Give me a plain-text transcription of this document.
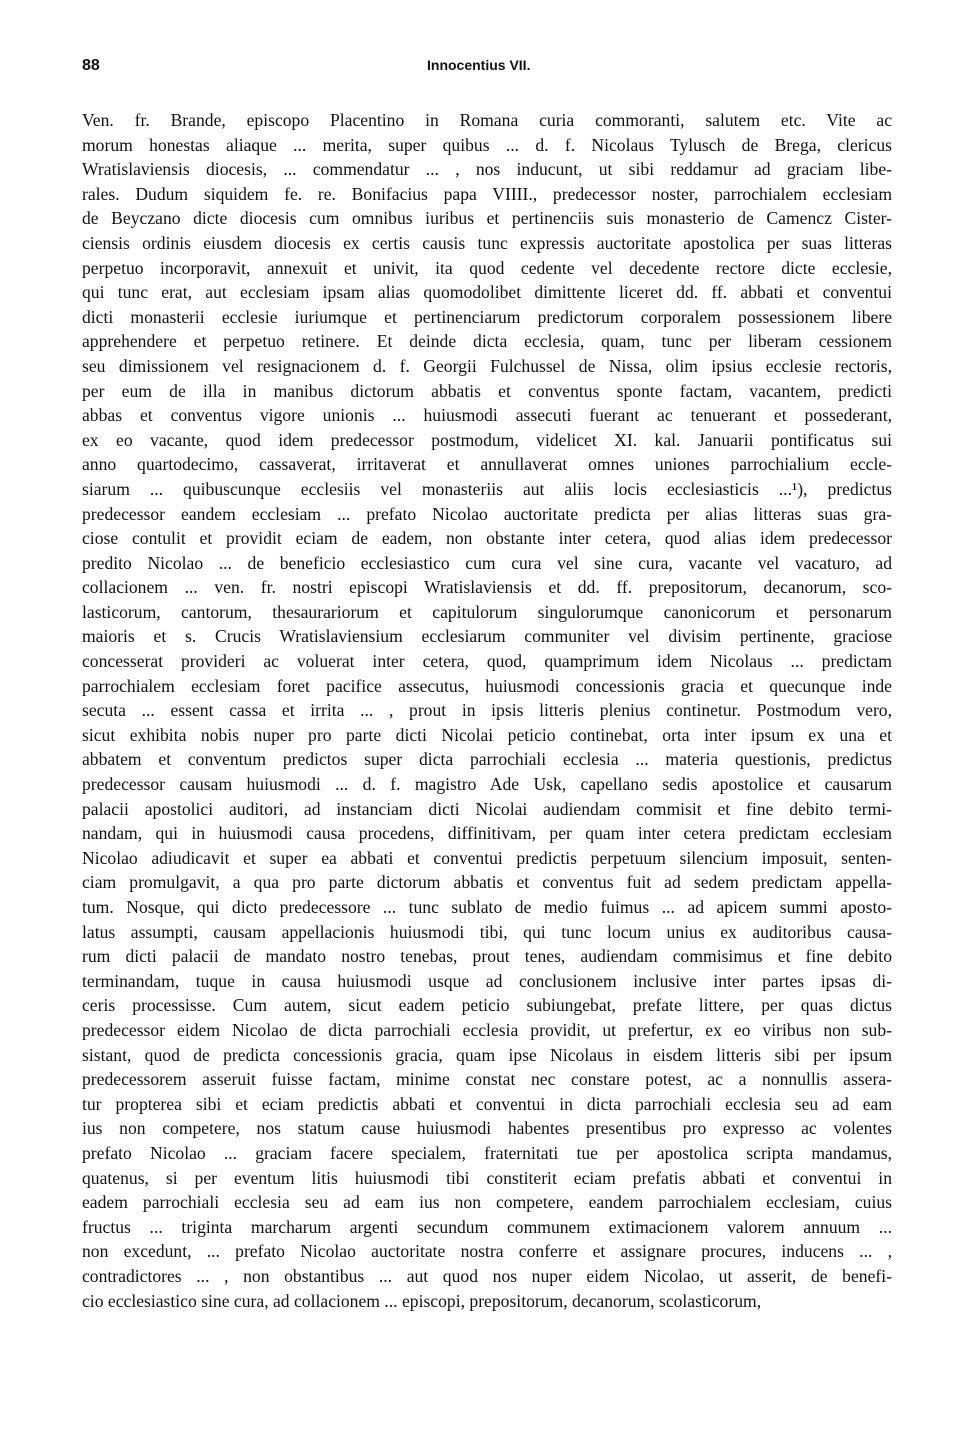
88	Innocentius VII.
Ven. fr. Brande, episcopo Placentino in Romana curia commoranti, salutem etc. Vite ac
morum honestas aliaque ... merita, super quibus ... d. f. Nicolaus Tylusch de Brega, clericus
Wratislaviensis diocesis, ... commendatur ... , nos inducunt, ut sibi reddamur ad graciam libe-
rales. Dudum siquidem fe. re. Bonifacius papa VIIII., predecessor noster, parrochialem ecclesiam
de Beyczano dicte diocesis cum omnibus iuribus et pertinenciis suis monasterio de Camencz Cister-
ciensis ordinis eiusdem diocesis ex certis causis tunc expressis auctoritate apostolica per suas litteras
perpetuo incorporavit, annexuit et univit, ita quod cedente vel decedente rectore dicte ecclesie,
qui tunc erat, aut ecclesiam ipsam alias quomodolibet dimittente liceret dd. ff. abbati et conventui
dicti monasterii ecclesie iuriumque et pertinenciarum predictorum corporalem possessionem libere
apprehendere et perpetuo retinere. Et deinde dicta ecclesia, quam, tunc per liberam cessionem
seu dimissionem vel resignacionem d. f. Georgii Fulchussel de Nissa, olim ipsius ecclesie rectoris,
per eum de illa in manibus dictorum abbatis et conventus sponte factam, vacantem, predicti
abbas et conventus vigore unionis ... huiusmodi assecuti fuerant ac tenuerant et possederant,
ex eo vacante, quod idem predecessor postmodum, videlicet XI. kal. Januarii pontificatus sui
anno quartodecimo, cassaverat, irritaverat et annullaverat omnes uniones parrochialium eccle-
siarum ... quibuscunque ecclesiis vel monasteriis aut aliis locis ecclesiasticis ...¹), predictus
predecessor eandem ecclesiam ... prefato Nicolao auctoritate predicta per alias litteras suas gra-
ciose contulit et providit eciam de eadem, non obstante inter cetera, quod alias idem predecessor
predito Nicolao ... de beneficio ecclesiastico cum cura vel sine cura, vacante vel vacaturo, ad
collacionem ... ven. fr. nostri episcopi Wratislaviensis et dd. ff. prepositorum, decanorum, sco-
lasticorum, cantorum, thesaurariorum et capitulorum singulorumque canonicorum et personarum
maioris et s. Crucis Wratislaviensium ecclesiarum communiter vel divisim pertinente, graciose
concesserat provideri ac voluerat inter cetera, quod, quamprimum idem Nicolaus ... predictam
parrochialem ecclesiam foret pacifice assecutus, huiusmodi concessionis gracia et quecunque inde
secuta ... essent cassa et irrita ... , prout in ipsis litteris plenius continetur. Postmodum vero,
sicut exhibita nobis nuper pro parte dicti Nicolai peticio continebat, orta inter ipsum ex una et
abbatem et conventum predictos super dicta parrochiali ecclesia ... materia questionis, predictus
predecessor causam huiusmodi ... d. f. magistro Ade Usk, capellano sedis apostolice et causarum
palacii apostolici auditori, ad instanciam dicti Nicolai audiendam commisit et fine debito termi-
nandam, qui in huiusmodi causa procedens, diffinitivam, per quam inter cetera predictam ecclesiam
Nicolao adiudicavit et super ea abbati et conventui predictis perpetuum silencium imposuit, senten-
ciam promulgavit, a qua pro parte dictorum abbatis et conventus fuit ad sedem predictam appella-
tum. Nosque, qui dicto predecessore ... tunc sublato de medio fuimus ... ad apicem summi aposto-
latus assumpti, causam appellacionis huiusmodi tibi, qui tunc locum unius ex auditoribus causa-
rum dicti palacii de mandato nostro tenebas, prout tenes, audiendam commisimus et fine debito
terminandam, tuque in causa huiusmodi usque ad conclusionem inclusive inter partes ipsas di-
ceris processisse. Cum autem, sicut eadem peticio subiungebat, prefate littere, per quas dictus
predecessor eidem Nicolao de dicta parrochiali ecclesia providit, ut prefertur, ex eo viribus non sub-
sistant, quod de predicta concessionis gracia, quam ipse Nicolaus in eisdem litteris sibi per ipsum
predecessorem asseruit fuisse factam, minime constat nec constare potest, ac a nonnullis assera-
tur propterea sibi et eciam predictis abbati et conventui in dicta parrochiali ecclesia seu ad eam
ius non competere, nos statum cause huiusmodi habentes presentibus pro expresso ac volentes
prefato Nicolao ... graciam facere specialem, fraternitati tue per apostolica scripta mandamus,
quatenus, si per eventum litis huiusmodi tibi constiterit eciam prefatis abbati et conventui in
eadem parrochiali ecclesia seu ad eam ius non competere, eandem parrochialem ecclesiam, cuius
fructus ... triginta marcharum argenti secundum communem extimacionem valorem annuum ...
non excedunt, ... prefato Nicolao auctoritate nostra conferre et assignare procures, inducens ... ,
contradictores ... , non obstantibus ... aut quod nos nuper eidem Nicolao, ut asserit, de benefi-
cio ecclesiastico sine cura, ad collacionem ... episcopi, prepositorum, decanorum, scolasticorum,
